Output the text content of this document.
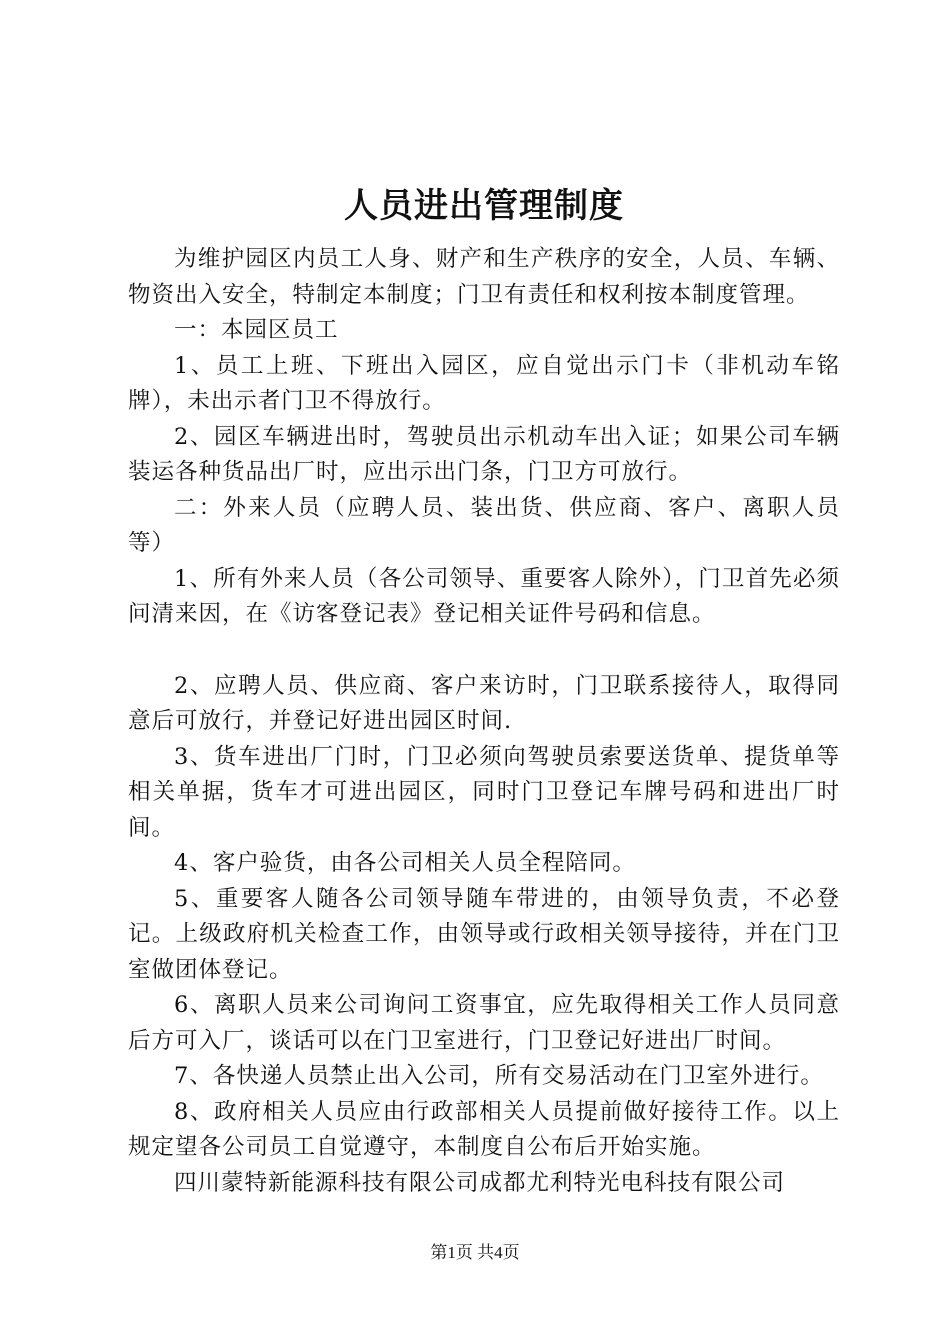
人员进出管理制度

为维护园区内员工人身、财产和生产秩序的安全，人员、车辆、物资出入安全，特制定本制度；门卫有责任和权利按本制度管理。

一：本园区员工

1、员工上班、下班出入园区，应自觉出示门卡（非机动车铭牌），未出示者门卫不得放行。

2、园区车辆进出时，驾驶员出示机动车出入证；如果公司车辆装运各种货品出厂时，应出示出门条，门卫方可放行。

二：外来人员（应聘人员、装出货、供应商、客户、离职人员等）

1、所有外来人员（各公司领导、重要客人除外），门卫首先必须问清来因，在《访客登记表》登记相关证件号码和信息。

2、应聘人员、供应商、客户来访时，门卫联系接待人，取得同意后可放行，并登记好进出园区时间.

3、货车进出厂门时，门卫必须向驾驶员索要送货单、提货单等相关单据，货车才可进出园区，同时门卫登记车牌号码和进出厂时间。

4、客户验货，由各公司相关人员全程陪同。

5、重要客人随各公司领导随车带进的，由领导负责，不必登记。上级政府机关检查工作，由领导或行政相关领导接待，并在门卫室做团体登记。

6、离职人员来公司询问工资事宜，应先取得相关工作人员同意后方可入厂，谈话可以在门卫室进行，门卫登记好进出厂时间。

7、各快递人员禁止出入公司，所有交易活动在门卫室外进行。

8、政府相关人员应由行政部相关人员提前做好接待工作。以上规定望各公司员工自觉遵守，本制度自公布后开始实施。

四川蒙特新能源科技有限公司成都尤利特光电科技有限公司

第1页 共4页
